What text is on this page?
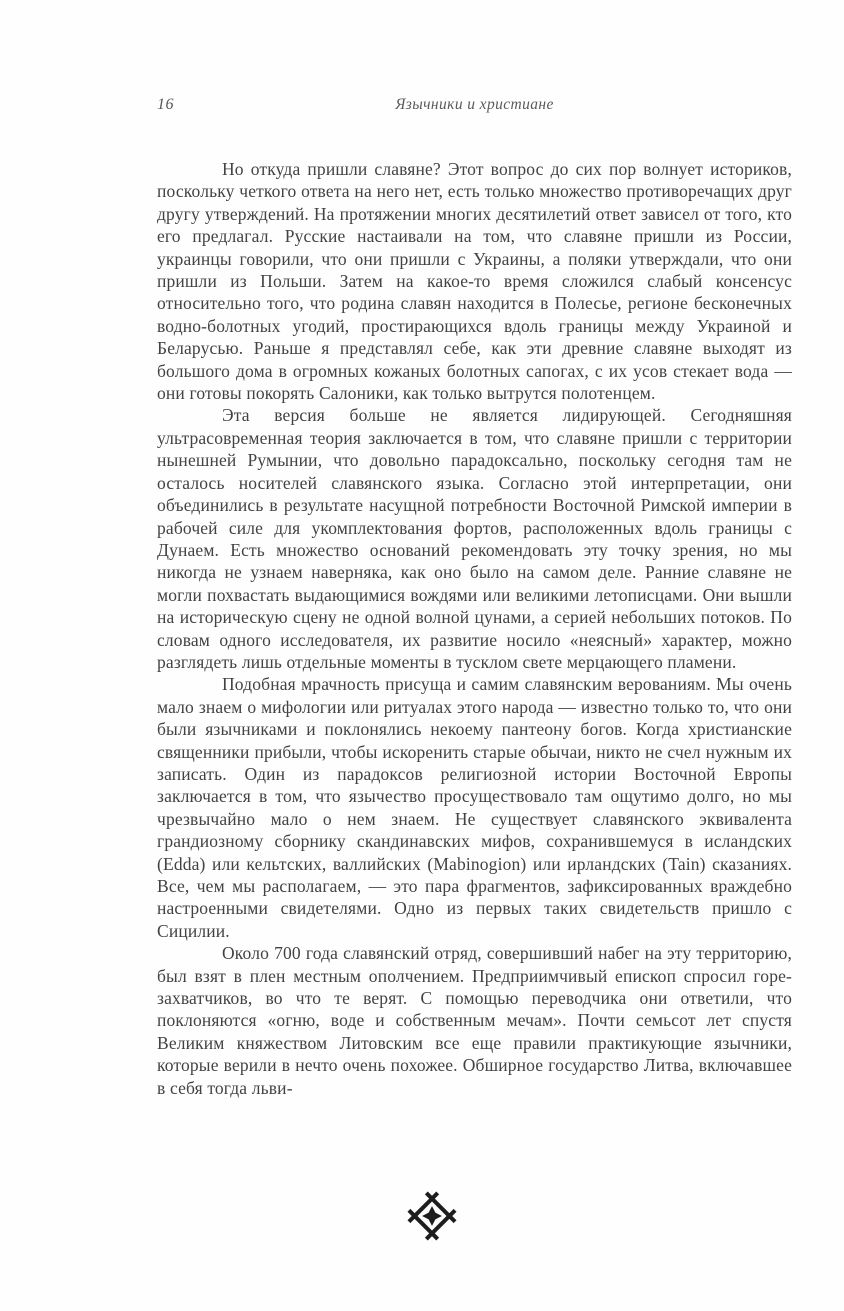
16	Язычники и христиане

Но откуда пришли славяне? Этот вопрос до сих пор волнует историков, поскольку четкого ответа на него нет, есть только множество противоречащих друг другу утверждений. На протяжении многих десятилетий ответ зависел от того, кто его предлагал. Русские настаивали на том, что славяне пришли из России, украинцы говорили, что они пришли с Украины, а поляки утверждали, что они пришли из Польши. Затем на какое-то время сложился слабый консенсус относительно того, что родина славян находится в Полесье, регионе бесконечных водно-болотных угодий, простирающихся вдоль границы между Украиной и Беларусью. Раньше я представлял себе, как эти древние славяне выходят из большого дома в огромных кожаных болотных сапогах, с их усов стекает вода — они готовы покорять Салоники, как только вытрутся полотенцем.

Эта версия больше не является лидирующей. Сегодняшняя ультрасовременная теория заключается в том, что славяне пришли с территории нынешней Румынии, что довольно парадоксально, поскольку сегодня там не осталось носителей славянского языка. Согласно этой интерпретации, они объединились в результате насущной потребности Восточной Римской империи в рабочей силе для укомплектования фортов, расположенных вдоль границы с Дунаем. Есть множество оснований рекомендовать эту точку зрения, но мы никогда не узнаем наверняка, как оно было на самом деле. Ранние славяне не могли похвастать выдающимися вождями или великими летописцами. Они вышли на историческую сцену не одной волной цунами, а серией небольших потоков. По словам одного исследователя, их развитие носило «неясный» характер, можно разглядеть лишь отдельные моменты в тусклом свете мерцающего пламени.

Подобная мрачность присуща и самим славянским верованиям. Мы очень мало знаем о мифологии или ритуалах этого народа — известно только то, что они были язычниками и поклонялись некоему пантеону богов. Когда христианские священники прибыли, чтобы искоренить старые обычаи, никто не счел нужным их записать. Один из парадоксов религиозной истории Восточной Европы заключается в том, что язычество просуществовало там ощутимо долго, но мы чрезвычайно мало о нем знаем. Не существует славянского эквивалента грандиозному сборнику скандинавских мифов, сохранившемуся в исландских (Edda) или кельтских, валлийских (Mabinogion) или ирландских (Tain) сказаниях. Все, чем мы располагаем, — это пара фрагментов, зафиксированных враждебно настроенными свидетелями. Одно из первых таких свидетельств пришло с Сицилии.

Около 700 года славянский отряд, совершивший набег на эту территорию, был взят в плен местным ополчением. Предприимчивый епископ спросил горе-захватчиков, во что те верят. С помощью переводчика они ответили, что поклоняются «огню, воде и собственным мечам». Почти семьсот лет спустя Великим княжеством Литовским все еще правили практикующие язычники, которые верили в нечто очень похожее. Обширное государство Литва, включавшее в себя тогда льви-
